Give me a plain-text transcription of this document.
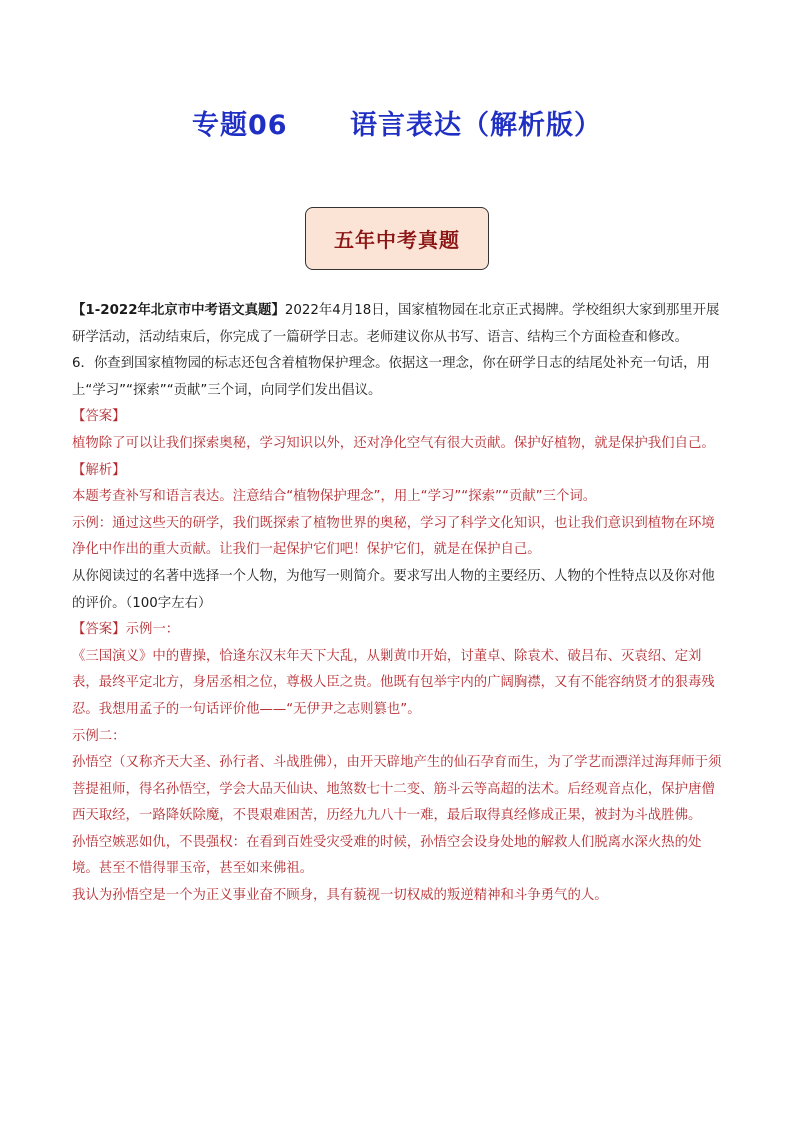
专题06      语言表达（解析版）
五年中考真题

【1-2022年北京市中考语文真题】2022年4月18日，国家植物园在北京正式揭牌。学校组织大家到那里开展研学活动，活动结束后，你完成了一篇研学日志。老师建议你从书写、语言、结构三个方面检查和修改。

6．你查到国家植物园的标志还包含着植物保护理念。依据这一理念，你在研学日志的结尾处补充一句话，用上“学习”“探索”“贡献”三个词，向同学们发出倡议。

【答案】

植物除了可以让我们探索奥秘，学习知识以外，还对净化空气有很大贡献。保护好植物，就是保护我们自己。

【解析】

本题考查补写和语言表达。注意结合“植物保护理念”，用上“学习”“探索”“贡献”三个词。

示例：通过这些天的研学，我们既探索了植物世界的奥秘，学习了科学文化知识，也让我们意识到植物在环境净化中作出的重大贡献。让我们一起保护它们吧！保护它们，就是在保护自己。

从你阅读过的名著中选择一个人物，为他写一则简介。要求写出人物的主要经历、人物的个性特点以及你对他的评价。（100字左右）

【答案】示例一：

《三国演义》中的曹操，恰逢东汉末年天下大乱，从剿黄巾开始，讨董卓、除袁术、破吕布、灭袁绍、定刘表，最终平定北方，身居丞相之位，尊极人臣之贵。他既有包举宇内的广阔胸襟，又有不能容纳贤才的狠毒残忍。我想用孟子的一句话评价他——“无伊尹之志则篡也”。

示例二：

孙悟空（又称齐天大圣、孙行者、斗战胜佛），由开天辟地产生的仙石孕育而生，为了学艺而漂洋过海拜师于须菩提祖师，得名孙悟空，学会大品天仙诀、地煞数七十二变、筋斗云等高超的法术。后经观音点化，保护唐僧西天取经，一路降妖除魔，不畏艰难困苦，历经九九八十一难，最后取得真经修成正果，被封为斗战胜佛。

孙悟空嫉恶如仇，不畏强权：在看到百姓受灾受难的时候，孙悟空会设身处地的解救人们脱离水深火热的处境。甚至不惜得罪玉帝，甚至如来佛祖。

我认为孙悟空是一个为正义事业奋不顾身，具有藐视一切权威的叛逆精神和斗争勇气的人。
